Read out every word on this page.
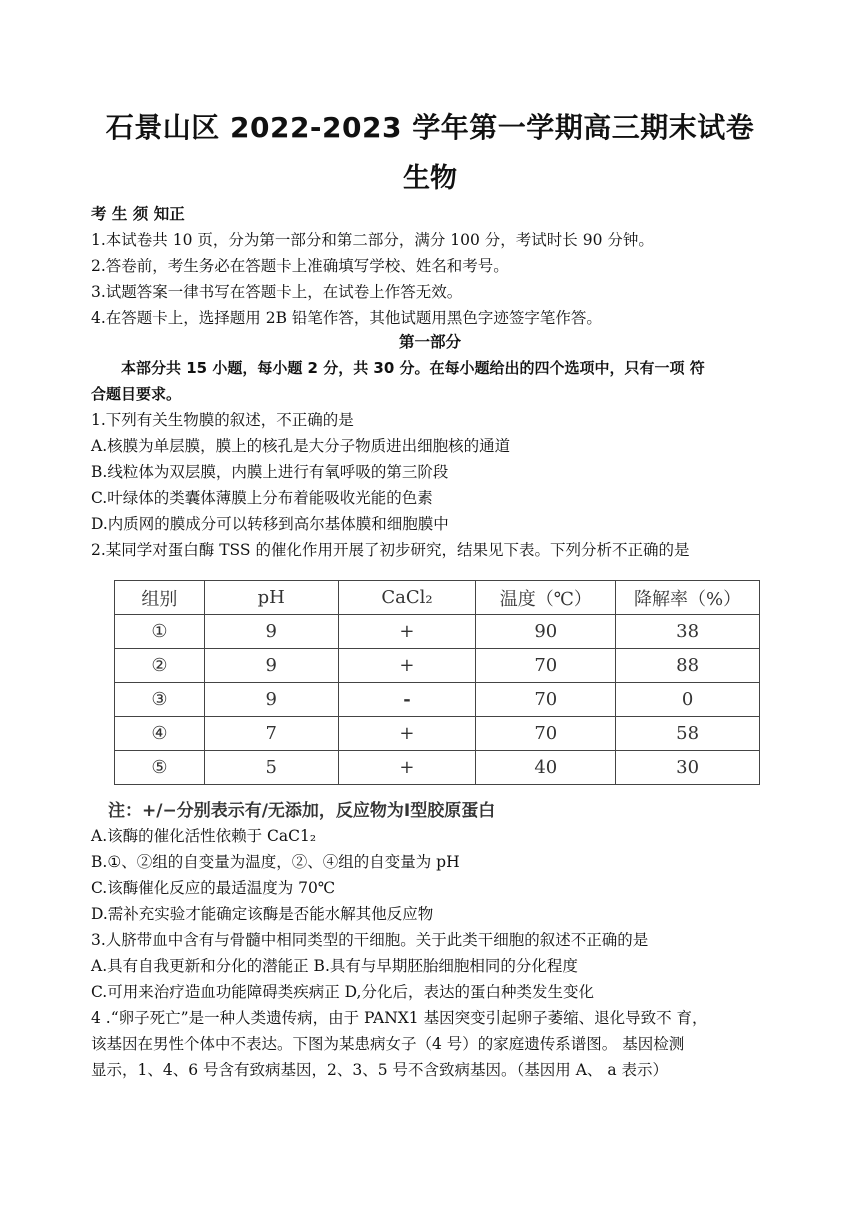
石景山区 2022-2023 学年第一学期高三期末试卷
生物
考 生 须 知正
1.本试卷共 10 页，分为第一部分和第二部分，满分 100 分，考试时长 90 分钟。
2.答卷前，考生务必在答题卡上准确填写学校、姓名和考号。
3.试题答案一律书写在答题卡上，在试卷上作答无效。
4.在答题卡上，选择题用 2B 铅笔作答，其他试题用黑色字迹签字笔作答。
第一部分
本部分共 15 小题，每小题 2 分，共 30 分。在每小题给出的四个选项中，只有一项 符
合题目要求。
1.下列有关生物膜的叙述，不正确的是
A.核膜为单层膜，膜上的核孔是大分子物质进出细胞核的通道
B.线粒体为双层膜，内膜上进行有氧呼吸的第三阶段
C.叶绿体的类囊体薄膜上分布着能吸收光能的色素
D.内质网的膜成分可以转移到高尔基体膜和细胞膜中
2.某同学对蛋白酶 TSS 的催化作用开展了初步研究，结果见下表。下列分析不正确的是
组别	pH	CaCl₂	温度（℃）	降解率（%）
①	9	+	90	38
②	9	+	70	88
③	9	-	70	0
④	7	+	70	58
⑤	5	+	40	30
注：+/−分别表示有/无添加，反应物为Ⅰ型胶原蛋白
A.该酶的催化活性依赖于 CaC1₂
B.①、②组的自变量为温度，②、④组的自变量为 pH
C.该酶催化反应的最适温度为 70℃
D.需补充实验才能确定该酶是否能水解其他反应物
3.人脐带血中含有与骨髓中相同类型的干细胞。关于此类干细胞的叙述不正确的是
A.具有自我更新和分化的潜能正 B.具有与早期胚胎细胞相同的分化程度
C.可用来治疗造血功能障碍类疾病正 D,分化后，表达的蛋白种类发生变化
4 .“卵子死亡”是一种人类遗传病，由于 PANX1 基因突变引起卵子萎缩、退化导致不 育，
该基因在男性个体中不表达。下图为某患病女子（4 号）的家庭遗传系谱图。 基因检测
显示，1、4、6 号含有致病基因，2、3、5 号不含致病基因。（基因用 A、 a 表示）
